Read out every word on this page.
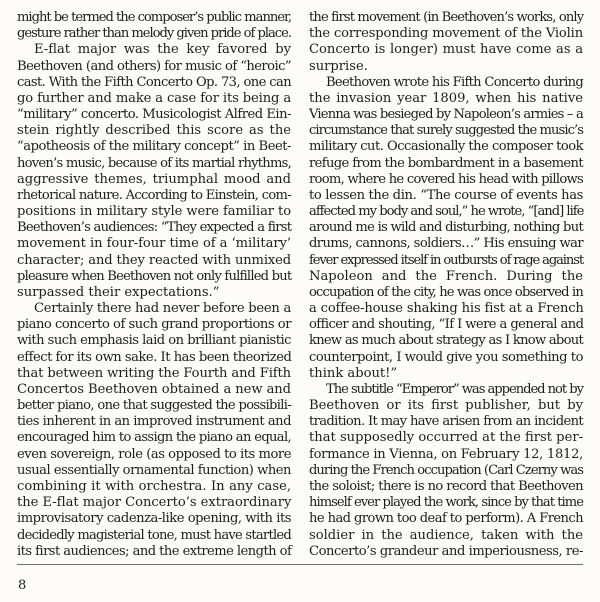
might be termed the composer’s public manner,
gesture rather than melody given pride of place.
E-flat major was the key favored by
Beethoven (and others) for music of “heroic”
cast. With the Fifth Concerto Op. 73, one can
go further and make a case for its being a
“military” concerto. Musicologist Alfred Ein-
stein rightly described this score as the
“apotheosis of the military concept” in Beet-
hoven’s music, because of its martial rhythms,
aggressive themes, triumphal mood and
rhetorical nature. According to Einstein, com-
positions in military style were familiar to
Beethoven’s audiences: “They expected a first
movement in four-four time of a ‘military’
character; and they reacted with unmixed
pleasure when Beethoven not only fulfilled but
surpassed their expectations.”
Certainly there had never before been a
piano concerto of such grand proportions or
with such emphasis laid on brilliant pianistic
effect for its own sake. It has been theorized
that between writing the Fourth and Fifth
Concertos Beethoven obtained a new and
better piano, one that suggested the possibili-
ties inherent in an improved instrument and
encouraged him to assign the piano an equal,
even sovereign, role (as opposed to its more
usual essentially ornamental function) when
combining it with orchestra. In any case,
the E-flat major Concerto’s extraordinary
improvisatory cadenza-like opening, with its
decidedly magisterial tone, must have startled
its first audiences; and the extreme length of
the first movement (in Beethoven’s works, only
the corresponding movement of the Violin
Concerto is longer) must have come as a
surprise.
Beethoven wrote his Fifth Concerto during
the invasion year 1809, when his native
Vienna was besieged by Napoleon’s armies – a
circumstance that surely suggested the music’s
military cut. Occasionally the composer took
refuge from the bombardment in a basement
room, where he covered his head with pillows
to lessen the din. “The course of events has
affected my body and soul,” he wrote, “[and] life
around me is wild and disturbing, nothing but
drums, cannons, soldiers…” His ensuing war
fever expressed itself in outbursts of rage against
Napoleon and the French. During the
occupation of the city, he was once observed in
a coffee-house shaking his fist at a French
officer and shouting, “If I were a general and
knew as much about strategy as I know about
counterpoint, I would give you something to
think about!”
The subtitle “Emperor” was appended not by
Beethoven or its first publisher, but by
tradition. It may have arisen from an incident
that supposedly occurred at the first per-
formance in Vienna, on February 12, 1812,
during the French occupation (Carl Czerny was
the soloist; there is no record that Beethoven
himself ever played the work, since by that time
he had grown too deaf to perform). A French
soldier in the audience, taken with the
Concerto’s grandeur and imperiousness, re-
8
